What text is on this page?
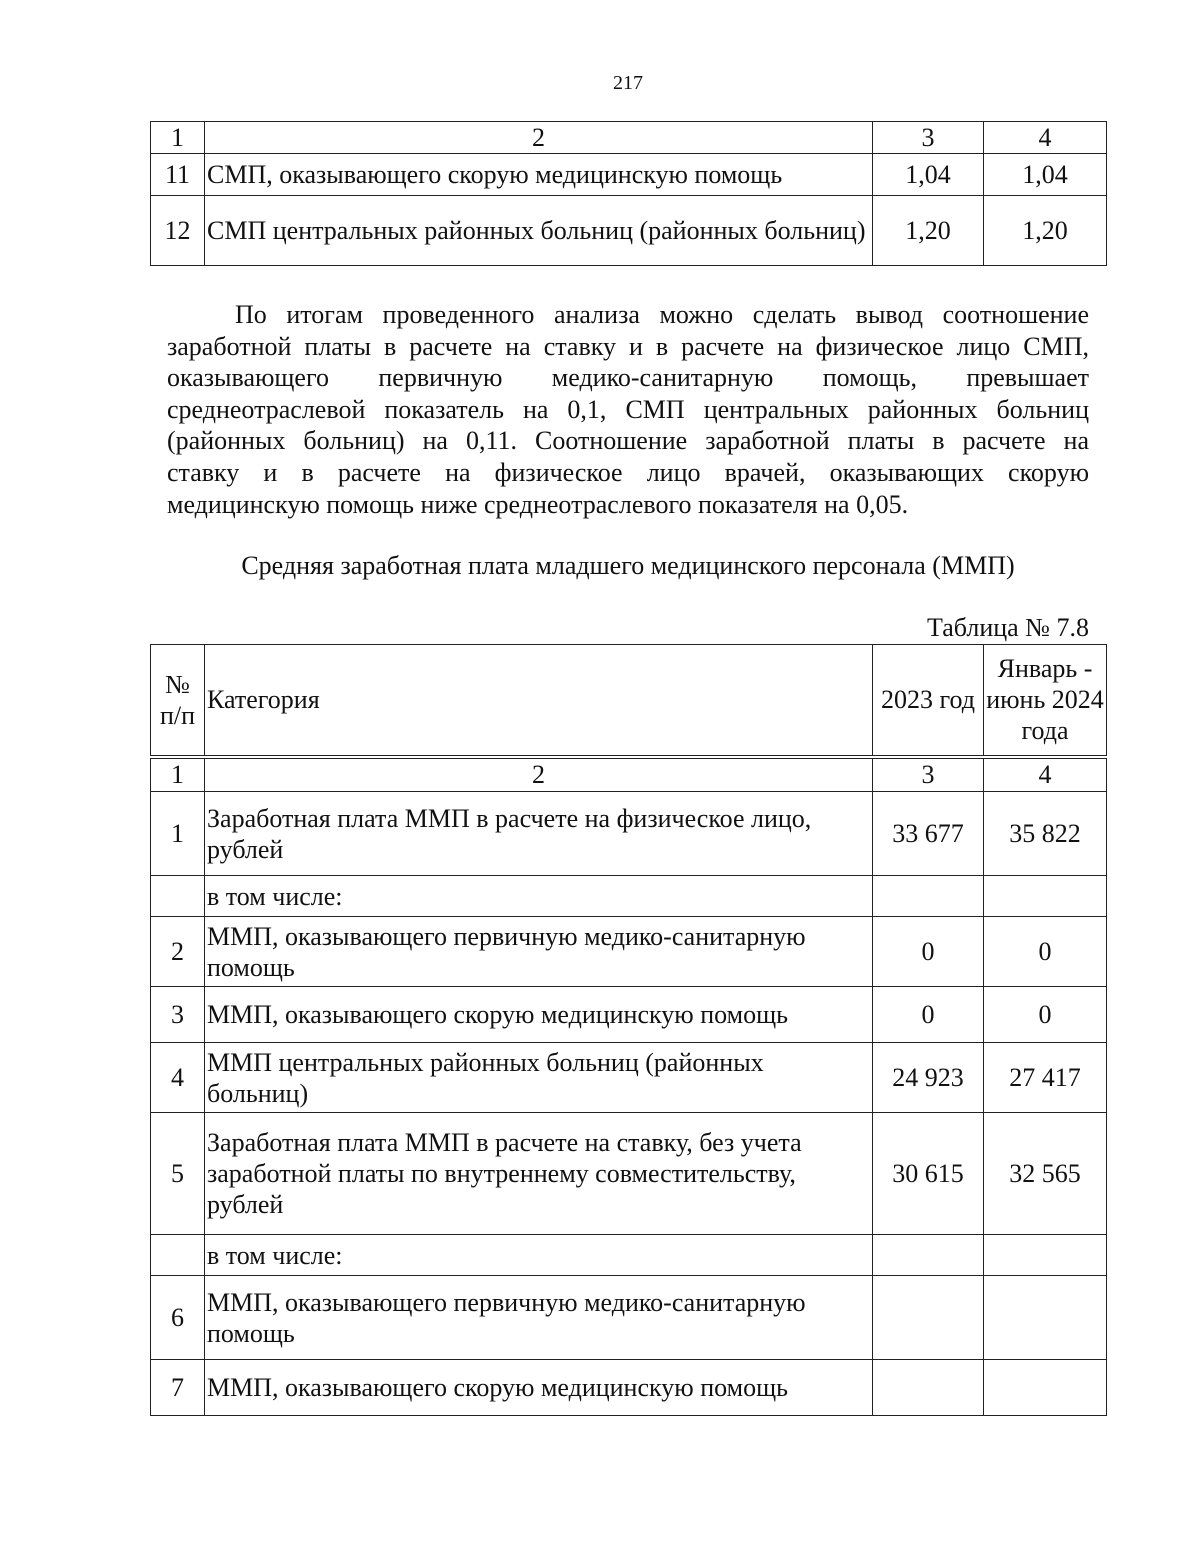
217
1	2	3	4
11	СМП, оказывающего скорую медицинскую помощь	1,04	1,04
12	СМП центральных районных больниц (районных больниц)	1,20	1,20
По итогам проведенного анализа можно сделать вывод соотношение
заработной платы в расчете на ставку и в расчете на физическое лицо СМП,
оказывающего первичную медико-санитарную помощь, превышает
среднеотраслевой показатель на 0,1, СМП центральных районных больниц
(районных больниц) на 0,11. Соотношение заработной платы в расчете на
ставку и в расчете на физическое лицо врачей, оказывающих скорую
медицинскую помощь ниже среднеотраслевого показателя на 0,05.
Средняя заработная плата младшего медицинского персонала (ММП)
Таблица № 7.8
№ п/п	Категория	2023 год	Январь - июнь 2024 года
1	2	3	4
1	Заработная плата ММП в расчете на физическое лицо, рублей	33 677	35 822
	в том числе:		
2	ММП, оказывающего первичную медико-санитарную помощь	0	0
3	ММП, оказывающего скорую медицинскую помощь	0	0
4	ММП центральных районных больниц (районных больниц)	24 923	27 417
5	Заработная плата ММП в расчете на ставку, без учета заработной платы по внутреннему совместительству, рублей	30 615	32 565
	в том числе:		
6	ММП, оказывающего первичную медико-санитарную помощь		
7	ММП, оказывающего скорую медицинскую помощь		
